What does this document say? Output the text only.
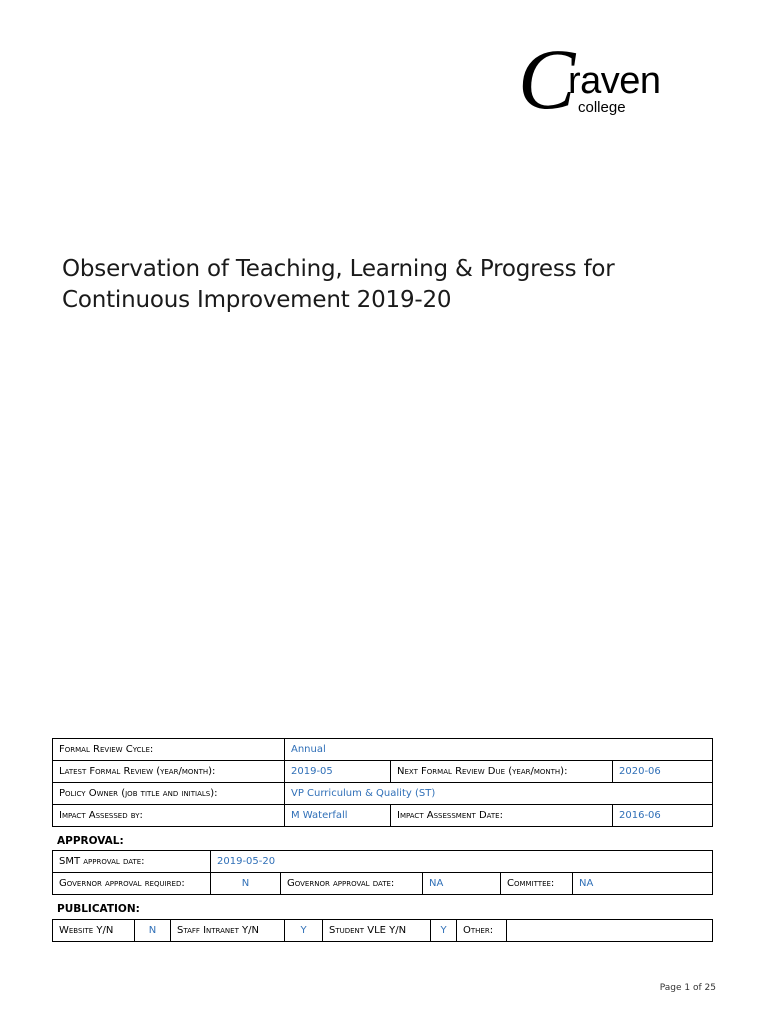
C
raven
college
Observation of Teaching, Learning & Progress for Continuous Improvement 2019-20
Formal Review Cycle:	Annual		
Latest Formal Review (year/month):	2019-05	Next Formal Review Due (year/month):	2020-06
Policy Owner (job title and initials):	VP Curriculum & Quality (ST)		
Impact Assessed by:	M Waterfall	Impact Assessment Date:	2016-06
APPROVAL:
SMT approval date:	2019-05-20				
Governor approval required:	N	Governor approval date:	NA	Committee:	NA
PUBLICATION:
Website Y/N	N	Staff Intranet Y/N	Y	Student VLE Y/N	Y	Other:	
Page 1 of 25
